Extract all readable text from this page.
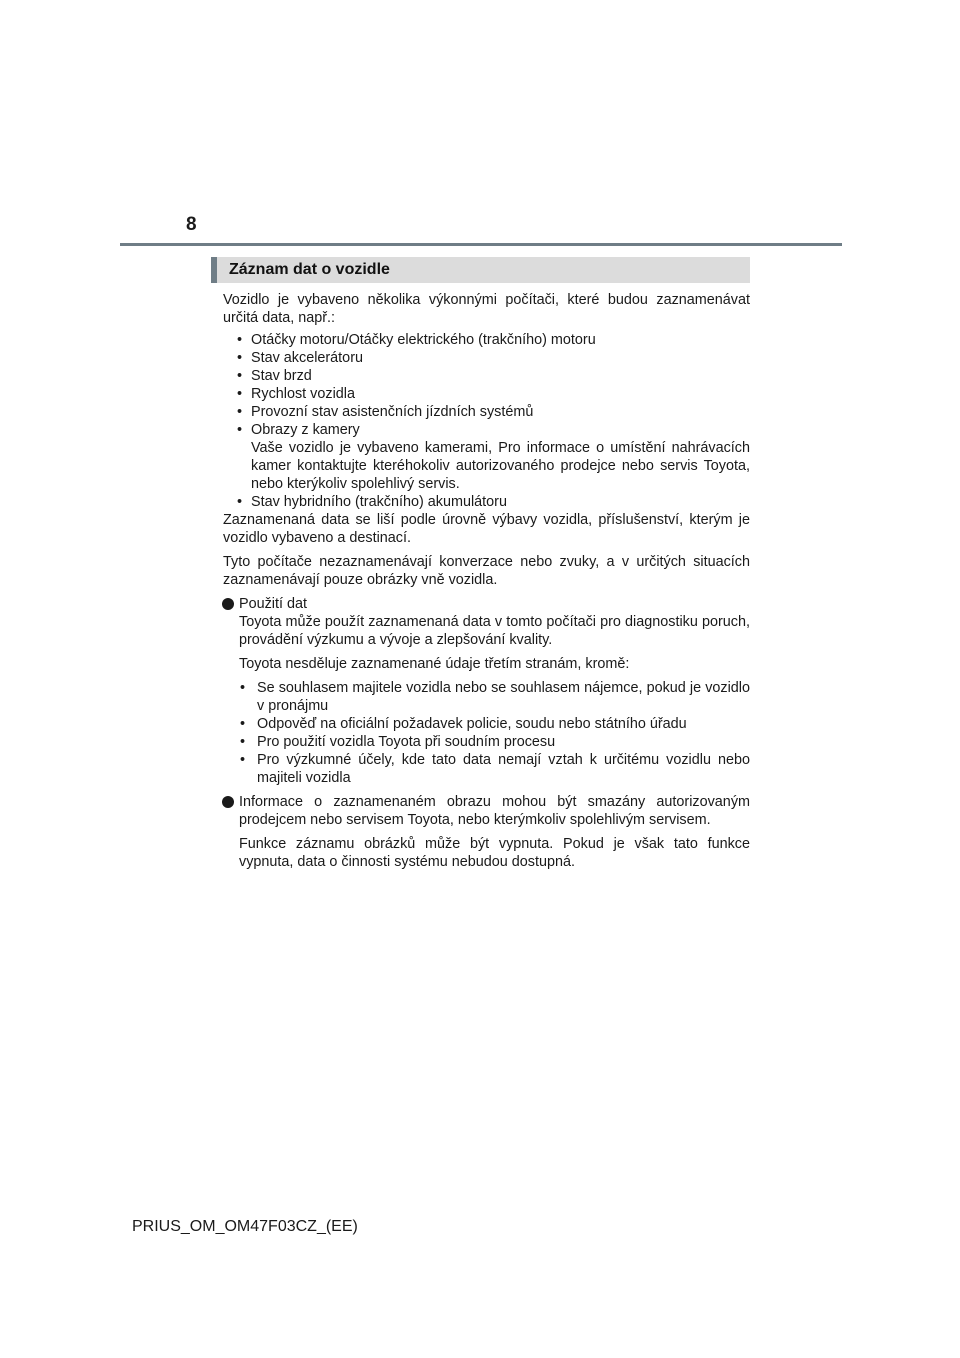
8
Záznam dat o vozidle

Vozidlo je vybaveno několika výkonnými počítači, které budou zaznamenávat určitá data, např.:

• Otáčky motoru/Otáčky elektrického (trakčního) motoru
• Stav akcelerátoru
• Stav brzd
• Rychlost vozidla
• Provozní stav asistenčních jízdních systémů
• Obrazy z kamery
Vaše vozidlo je vybaveno kamerami, Pro informace o umístění nahrávacích kamer kontaktujte kteréhokoliv autorizovaného prodejce nebo servis Toyota, nebo kterýkoliv spolehlivý servis.
• Stav hybridního (trakčního) akumulátoru

Zaznamenaná data se liší podle úrovně výbavy vozidla, příslušenství, kterým je vozidlo vybaveno a destinací.

Tyto počítače nezaznamenávají konverzace nebo zvuky, a v určitých situacích zaznamenávají pouze obrázky vně vozidla.

Použití dat

Toyota může použít zaznamenaná data v tomto počítači pro diagnostiku poruch, provádění výzkumu a vývoje a zlepšování kvality.

Toyota nesděluje zaznamenané údaje třetím stranám, kromě:

• Se souhlasem majitele vozidla nebo se souhlasem nájemce, pokud je vozidlo v pronájmu
• Odpověď na oficiální požadavek policie, soudu nebo státního úřadu
• Pro použití vozidla Toyota při soudním procesu
• Pro výzkumné účely, kde tato data nemají vztah k určitému vozidlu nebo majiteli vozidla

Informace o zaznamenaném obrazu mohou být smazány autorizovaným prodejcem nebo servisem Toyota, nebo kterýmkoliv spolehlivým servisem.

Funkce záznamu obrázků může být vypnuta. Pokud je však tato funkce vypnuta, data o činnosti systému nebudou dostupná.

PRIUS_OM_OM47F03CZ_(EE)
